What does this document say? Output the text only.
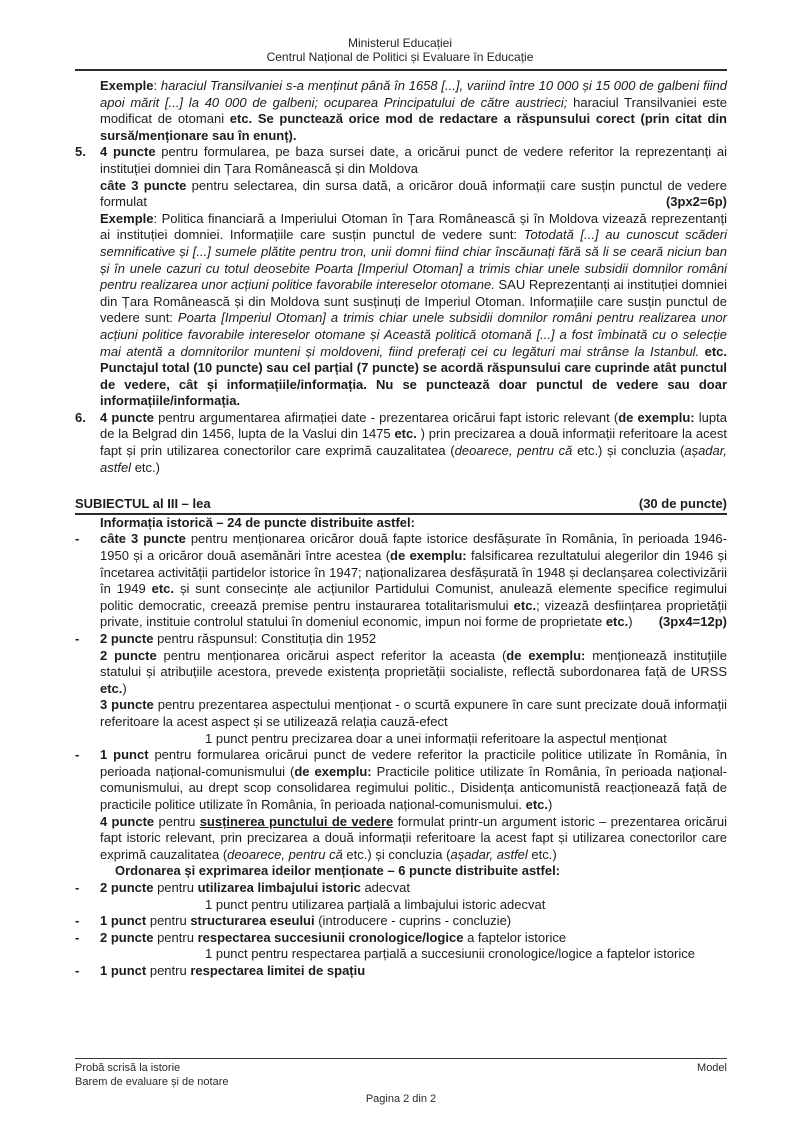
Ministerul Educației
Centrul Național de Politici și Evaluare în Educație
Exemple: haraciul Transilvaniei s-a menținut până în 1658 [...], variind între 10 000 și 15 000 de galbeni fiind apoi mărit [...] la 40 000 de galbeni; ocuparea Principatului de către austrieci; haraciul Transilvaniei este modificat de otomani etc. Se punctează orice mod de redactare a răspunsului corect (prin citat din sursă/menționare sau în enunț).
5.	4 puncte pentru formularea, pe baza sursei date, a oricărui punct de vedere referitor la reprezentanți ai instituției domniei din Țara Românească și din Moldova
câte 3 puncte pentru selectarea, din sursa dată, a oricăror două informații care susțin punctul de vedere formulat	(3px2=6p)
Exemple: Politica financiară a Imperiului Otoman în Țara Românească și în Moldova vizează reprezentanți ai instituției domniei. Informațiile care susțin punctul de vedere sunt: Totodată [...] au cunoscut scăderi semnificative și [...] sumele plătite pentru tron, unii domni fiind chiar înscăunați fără să li se ceară niciun ban și în unele cazuri cu totul deosebite Poarta [Imperiul Otoman] a trimis chiar unele subsidii domnilor români pentru realizarea unor acțiuni politice favorabile intereselor otomane. SAU Reprezentanți ai instituției domniei din Țara Românească și din Moldova sunt susținuți de Imperiul Otoman. Informațiile care susțin punctul de vedere sunt: Poarta [Imperiul Otoman] a trimis chiar unele subsidii domnilor români pentru realizarea unor acțiuni politice favorabile intereselor otomane și Această politică otomană [...] a fost îmbinată cu o selecție mai atentă a domnitorilor munteni și moldoveni, fiind preferați cei cu legături mai strânse la Istanbul. etc. Punctajul total (10 puncte) sau cel parțial (7 puncte) se acordă răspunsului care cuprinde atât punctul de vedere, cât și informațiile/informația. Nu se punctează doar punctul de vedere sau doar informațiile/informația.
6.	4 puncte pentru argumentarea afirmației date - prezentarea oricărui fapt istoric relevant (de exemplu: lupta de la Belgrad din 1456, lupta de la Vaslui din 1475 etc. ) prin precizarea a două informații referitoare la acest fapt și prin utilizarea conectorilor care exprimă cauzalitatea (deoarece, pentru că etc.) și concluzia (așadar, astfel etc.)
SUBIECTUL al III – lea	(30 de puncte)
Informația istorică – 24 de puncte distribuite astfel:
-	câte 3 puncte pentru menționarea oricăror două fapte istorice desfășurate în România, în perioada 1946-1950 și a oricăror două asemănări între acestea (de exemplu: falsificarea rezultatului alegerilor din 1946 și încetarea activității partidelor istorice în 1947; naționalizarea desfășurată în 1948 și declanșarea colectivizării în 1949 etc. și sunt consecințe ale acțiunilor Partidului Comunist, anulează elemente specifice regimului politic democratic, creează premise pentru instaurarea totalitarismului etc.; vizează desființarea proprietății private, instituie controlul statului în domeniul economic, impun noi forme de proprietate etc.) (3px4=12p)
-	2 puncte pentru răspunsul: Constituția din 1952
2 puncte pentru menționarea oricărui aspect referitor la aceasta (de exemplu: menționează instituțiile statului și atribuțiile acestora, prevede existența proprietății socialiste, reflectă subordonarea față de URSS etc.)
3 puncte pentru prezentarea aspectului menționat - o scurtă expunere în care sunt precizate două informații referitoare la acest aspect și se utilizează relația cauză-efect
1 punct pentru precizarea doar a unei informații referitoare la aspectul menționat
-	1 punct pentru formularea oricărui punct de vedere referitor la practicile politice utilizate în România, în perioada național-comunismului (de exemplu: Practicile politice utilizate în România, în perioada național-comunismului, au drept scop consolidarea regimului politic., Disidența anticomunistă reacționează față de practicile politice utilizate în România, în perioada național-comunismului. etc.)
4 puncte pentru susținerea punctului de vedere formulat printr-un argument istoric – prezentarea oricărui fapt istoric relevant, prin precizarea a două informații referitoare la acest fapt și utilizarea conectorilor care exprimă cauzalitatea (deoarece, pentru că etc.) și concluzia (așadar, astfel etc.)
Ordonarea și exprimarea ideilor menționate – 6 puncte distribuite astfel:
-	2 puncte pentru utilizarea limbajului istoric adecvat
1 punct pentru utilizarea parțială a limbajului istoric adecvat
-	1 punct pentru structurarea eseului (introducere - cuprins - concluzie)
-	2 puncte pentru respectarea succesiunii cronologice/logice a faptelor istorice
1 punct pentru respectarea parțială a succesiunii cronologice/logice a faptelor istorice
-	1 punct pentru respectarea limitei de spațiu
Probă scrisă la istorie
Barem de evaluare și de notare
Model
Pagina 2 din 2
